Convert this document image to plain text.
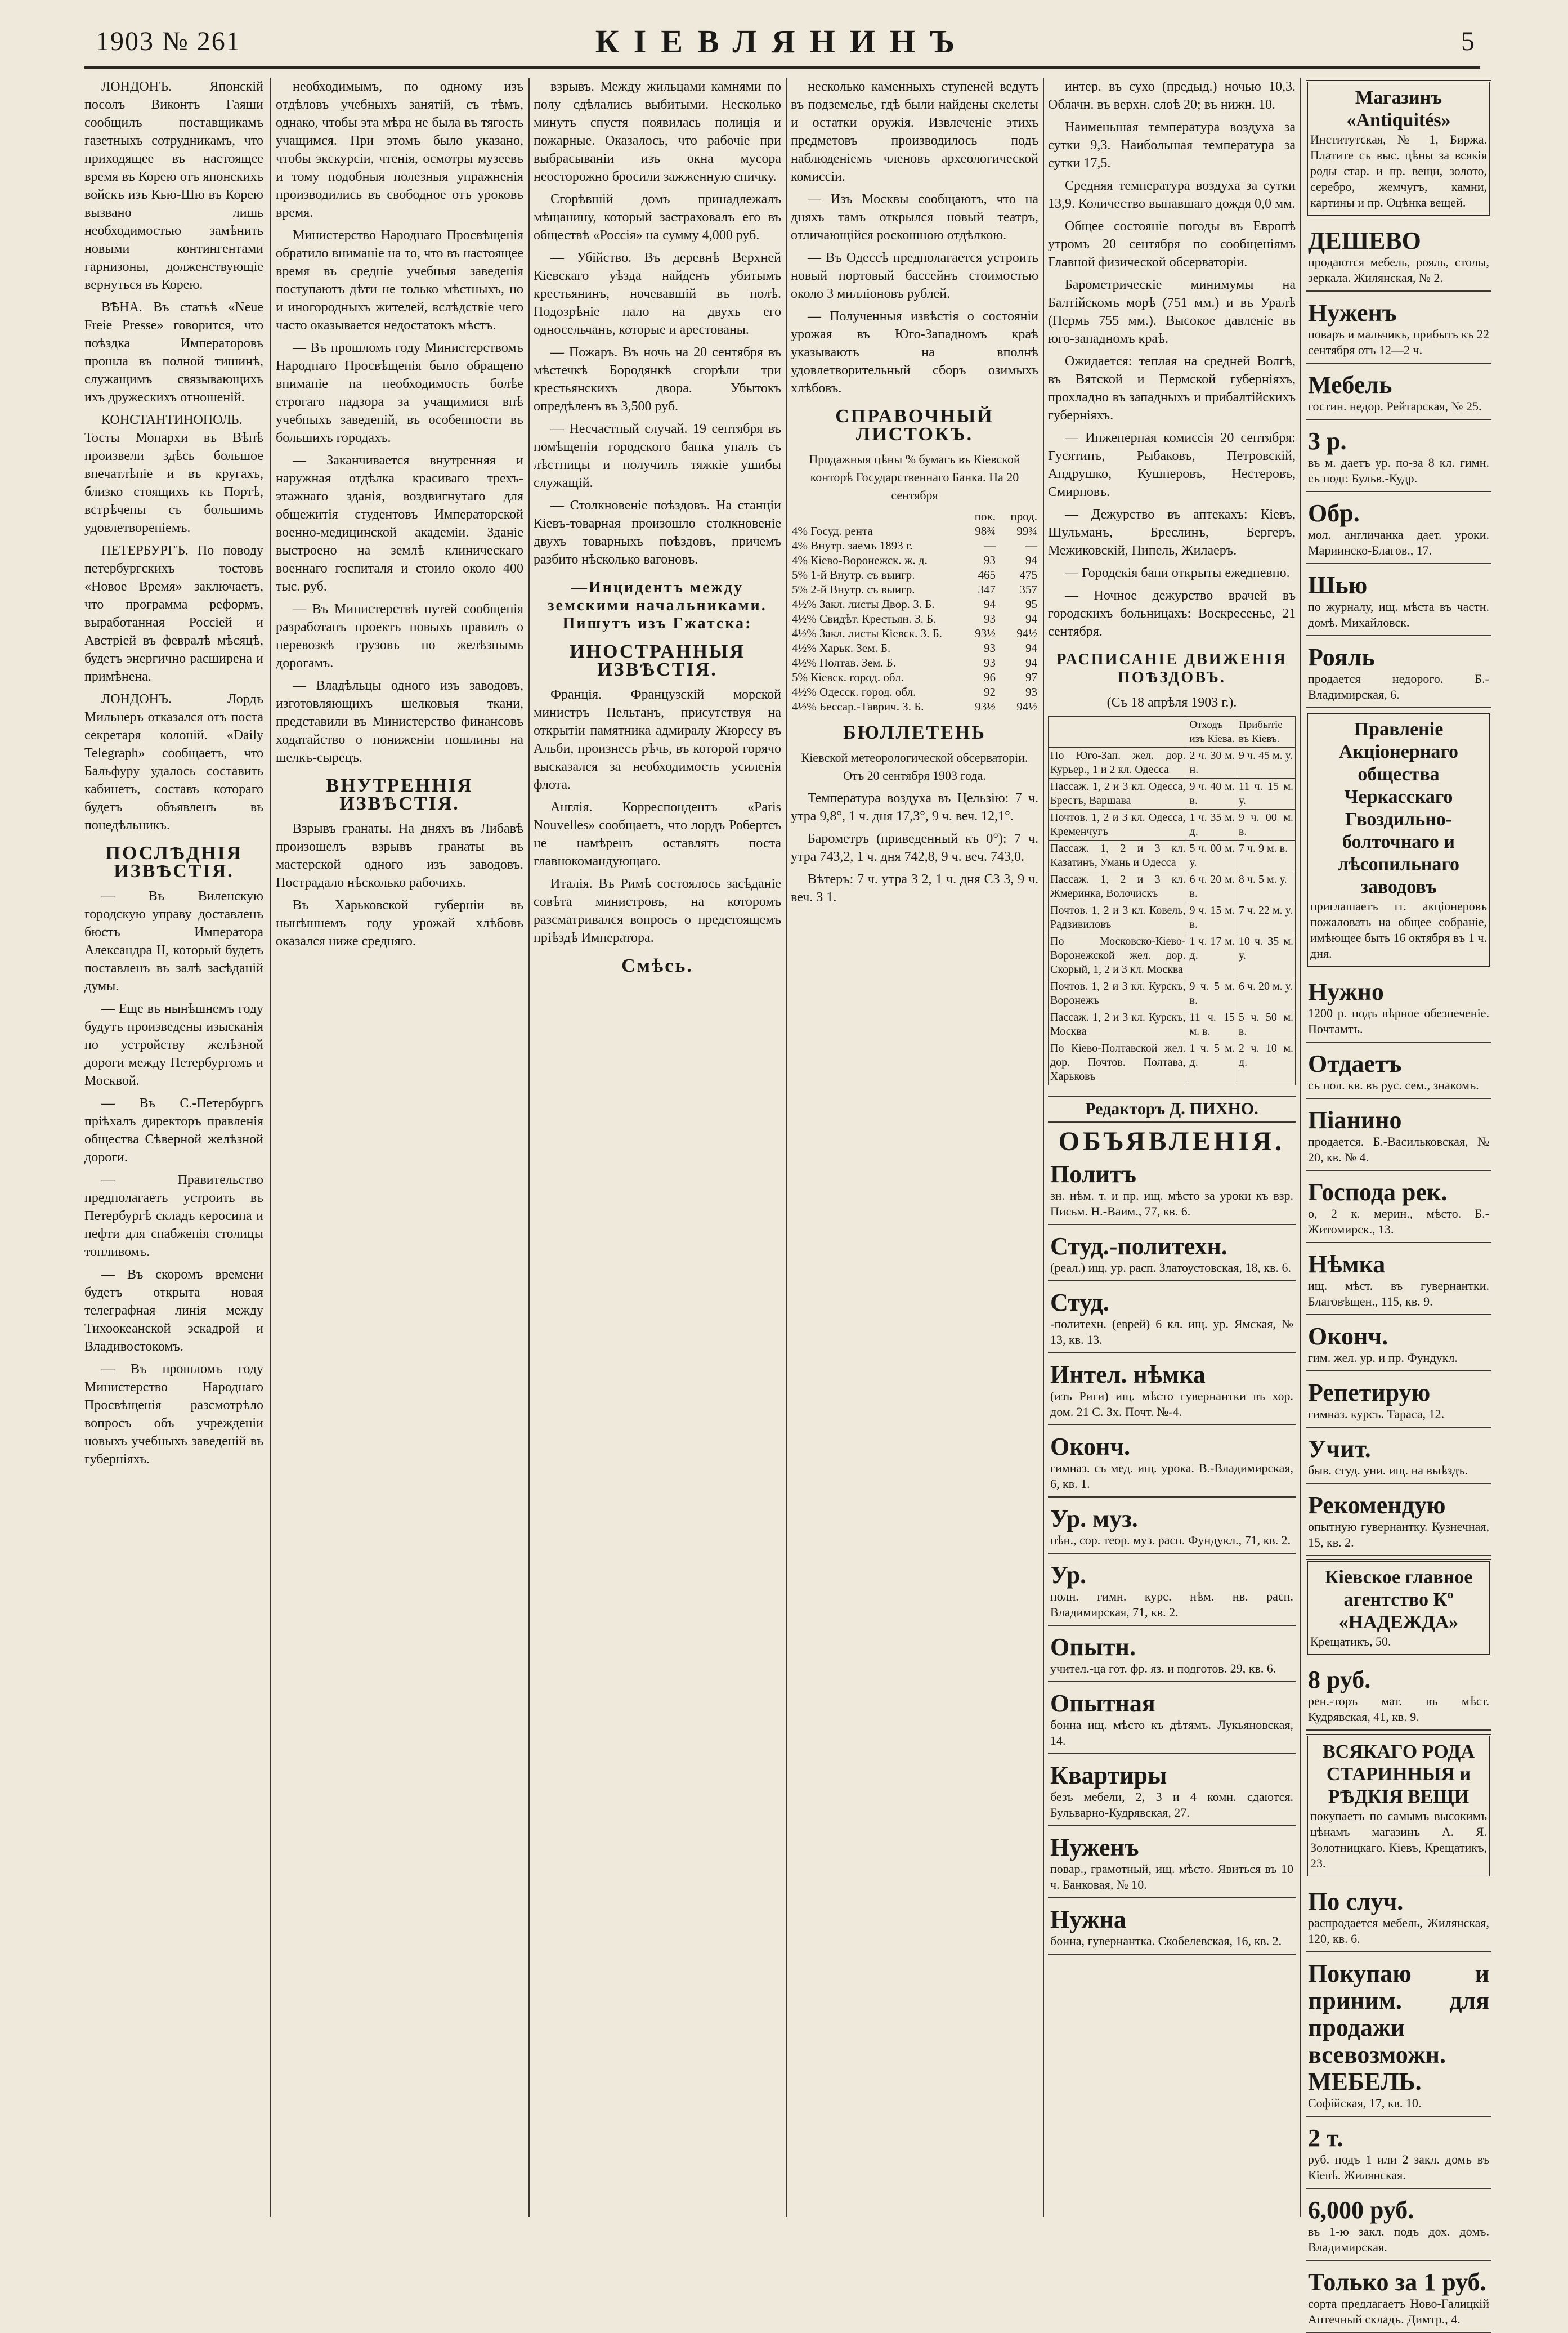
1903 № 261	КІЕВЛЯНИНЪ	5

ЛОНДОНЪ. Японскій посолъ Виконтъ Гаяши сообщилъ поставщикамъ газетныхъ сотрудникамъ, что приходящее въ настоящее время въ Корею отъ японскихъ войскъ изъ Кью-Шю въ Корею вызвано лишь необходимостью замѣнить новыми контингентами гарнизоны, долженствующіе вернуться въ Корею.

ВѢНА. Въ статьѣ «Neue Freie Presse» говорится, что поѣздка Императоровъ прошла въ полной тишинѣ, служащимъ связывающихъ ихъ дружескихъ отношеній.

КОНСТАНТИНОПОЛЬ. Тосты Монархи въ Вѣнѣ произвели здѣсь большое впечатлѣніе и въ кругахъ, близко стоящихъ къ Портѣ, встрѣчены съ большимъ удовлетвореніемъ.

ПЕТЕРБУРГЪ. По поводу петербургскихъ тостовъ «Новое Время» заключаетъ, что программа реформъ, выработанная Россіей и Австріей въ февралѣ мѣсяцѣ, будетъ энергично расширена и примѣнена.

ЛОНДОНЪ. Лордъ Мильнеръ отказался отъ поста секретаря колоній. «Daily Telegraph» сообщаетъ, что Бальфуру удалось составить кабинетъ, составъ котораго будетъ объявленъ въ понедѣльникъ.

ПОСЛѢДНІЯ ИЗВѢСТІЯ.

— Въ Виленскую городскую управу доставленъ бюстъ Императора Александра II, который будетъ поставленъ въ залѣ засѣданій думы.

— Еще въ нынѣшнемъ году будутъ произведены изысканія по устройству желѣзной дороги между Петербургомъ и Москвой.

— Въ С.-Петербургъ пріѣхалъ директоръ правленія общества Сѣверной желѣзной дороги.

— Правительство предполагаетъ устроить въ Петербургѣ складъ керосина и нефти для снабженія столицы топливомъ.

— Въ скоромъ времени будетъ открыта новая телеграфная линія между Тихоокеанской эскадрой и Владивостокомъ.

— Въ прошломъ году Министерство Народнаго Просвѣщенія разсмотрѣло вопросъ объ учрежденіи новыхъ учебныхъ заведеній въ губерніяхъ.

необходимымъ, по одному изъ отдѣловъ учебныхъ занятій, съ тѣмъ, однако, чтобы эта мѣра не была въ тягость учащимся. При этомъ было указано, чтобы экскурсіи, чтенія, осмотры музеевъ и тому подобныя полезныя упражненія производились въ свободное отъ уроковъ время.

Министерство Народнаго Просвѣщенія обратило вниманіе на то, что въ настоящее время въ средніе учебныя заведенія поступаютъ дѣти не только мѣстныхъ, но и иногородныхъ жителей, вслѣдствіе чего часто оказывается недостатокъ мѣстъ.

— Въ прошломъ году Министерствомъ Народнаго Просвѣщенія было обращено вниманіе на необходимость болѣе строгаго надзора за учащимися внѣ учебныхъ заведеній, въ особенности въ большихъ городахъ.

— Заканчивается внутренняя и наружная отдѣлка красиваго трехъ-этажнаго зданія, воздвигнутаго для общежитія студентовъ Императорской военно-медицинской академіи. Зданіе выстроено на землѣ клиническаго военнаго госпиталя и стоило около 400 тыс. руб.

— Въ Министерствѣ путей сообщенія разработанъ проектъ новыхъ правилъ о перевозкѣ грузовъ по желѣзнымъ дорогамъ.

— Владѣльцы одного изъ заводовъ, изготовляющихъ шелковыя ткани, представили въ Министерство финансовъ ходатайство о пониженіи пошлины на шелкъ-сырецъ.

ВНУТРЕННІЯ ИЗВѢСТІЯ.

Взрывъ гранаты. На дняхъ въ Либавѣ произошелъ взрывъ гранаты въ мастерской одного изъ заводовъ. Пострадало нѣсколько рабочихъ.

Въ Харьковской губерніи въ нынѣшнемъ году урожай хлѣбовъ оказался ниже средняго.

взрывъ. Между жильцами камнями по полу сдѣлались выбитыми. Несколько минутъ спустя появилась полиція и пожарные. Оказалось, что рабочіе при выбрасываніи изъ окна мусора неосторожно бросили зажженную спичку.

Сгорѣвшій домъ принадлежалъ мѣщанину, который застраховалъ его въ обществѣ «Россія» на сумму 4,000 руб.

— Убійство. Въ деревнѣ Верхней Кіевскаго уѣзда найденъ убитымъ крестьянинъ, ночевавшій въ полѣ. Подозрѣніе пало на двухъ его односельчанъ, которые и арестованы.

— Пожаръ. Въ ночь на 20 сентября въ мѣстечкѣ Бородянкѣ сгорѣли три крестьянскихъ двора. Убытокъ опредѣленъ въ 3,500 руб.

— Несчастный случай. 19 сентября въ помѣщеніи городского банка упалъ съ лѣстницы и получилъ тяжкіе ушибы служащій.

— Столкновеніе поѣздовъ. На станціи Кіевъ-товарная произошло столкновеніе двухъ товарныхъ поѣздовъ, причемъ разбито нѣсколько вагоновъ.

—Инцидентъ между земскими начальниками. Пишутъ изъ Гжатска:
ИНОСТРАННЫЯ ИЗВѢСТІЯ.

Франція. Французскій морской министръ Пельтанъ, присутствуя на открытіи памятника адмиралу Жюресу въ Альби, произнесъ рѣчь, въ которой горячо высказался за необходимость усиленія флота.

Англія. Корреспондентъ «Paris Nouvelles» сообщаетъ, что лордъ Робертсъ не намѣренъ оставлять поста главнокомандующаго.

Италія. Въ Римѣ состоялось засѣданіе совѣта министровъ, на которомъ разсматривался вопросъ о предстоящемъ пріѣздѣ Императора.

Смѣсь.

несколько каменныхъ ступеней ведутъ въ подземелье, гдѣ были найдены скелеты и остатки оружія. Извлеченіе этихъ предметовъ производилось подъ наблюденіемъ членовъ археологической комиссіи.

— Изъ Москвы сообщаютъ, что на дняхъ тамъ открылся новый театръ, отличающійся роскошною отдѣлкою.

— Въ Одессѣ предполагается устроить новый портовый бассейнъ стоимостью около 3 милліоновъ рублей.

— Полученныя извѣстія о состояніи урожая въ Юго-Западномъ краѣ указываютъ на вполнѣ удовлетворительный сборъ озимыхъ хлѣбовъ.

СПРАВОЧНЫЙ ЛИСТОКЪ.

Продажныя цѣны % бумагъ въ Кіевской конторѣ Государственнаго Банка. На 20 сентября

	пок.	прод.
4% Госуд. рента	98¾	99¾
4% Внутр. заемъ 1893 г.	—	—
4% Кіево-Воронежск. ж. д.	93	94
5% 1-й Внутр. съ выигр.	465	475
5% 2-й Внутр. съ выигр.	347	357
4½% Закл. листы Двор. З. Б.	94	95
4½% Свидѣт. Крестьян. З. Б.	93	94
4½% Закл. листы Кіевск. З. Б.	93½	94½
4½% Харьк. Зем. Б.	93	94
4½% Полтав. Зем. Б.	93	94
5% Кіевск. город. обл.	96	97
4½% Одесск. город. обл.	92	93
4½% Бессар.-Таврич. З. Б.	93½	94½
БЮЛЛЕТЕНЬ

Кіевской метеорологической обсерваторіи. Отъ 20 сентября 1903 года.

Температура воздуха въ Цельзію: 7 ч. утра 9,8°, 1 ч. дня 17,3°, 9 ч. веч. 12,1°.

Барометръ (приведенный къ 0°): 7 ч. утра 743,2, 1 ч. дня 742,8, 9 ч. веч. 743,0.

Вѣтеръ: 7 ч. утра З 2, 1 ч. дня СЗ 3, 9 ч. веч. З 1.

интер. въ сухо (предыд.) ночью 10,3. Облачн. въ верхн. слоѣ 20; въ нижн. 10.

Наименьшая температура воздуха за сутки 9,3. Наибольшая температура за сутки 17,5.

Средняя температура воздуха за сутки 13,9. Количество выпавшаго дождя 0,0 мм.

Общее состояніе погоды въ Европѣ утромъ 20 сентября по сообщеніямъ Главной физической обсерваторіи.

Барометрическіе минимумы на Балтійскомъ морѣ (751 мм.) и въ Уралѣ (Пермь 755 мм.). Высокое давленіе въ юго-западномъ краѣ.

Ожидается: теплая на средней Волгѣ, въ Вятской и Пермской губерніяхъ, прохладно въ западныхъ и прибалтійскихъ губерніяхъ.

— Инженерная комиссія 20 сентября: Гусятинъ, Рыбаковъ, Петровскій, Андрушко, Кушнеровъ, Нестеровъ, Смирновъ.

— Дежурство въ аптекахъ: Кіевъ, Шульманъ, Бреслинъ, Бергеръ, Межиковскій, Пипель, Жилаеръ.

— Городскія бани открыты ежедневно.

— Ночное дежурство врачей въ городскихъ больницахъ: Воскресенье, 21 сентября.

РАСПИСАНІЕ ДВИЖЕНІЯ ПОѢЗДОВЪ.

(Съ 18 апрѣля 1903 г.).

	Отходъ изъ Кіева.	Прибытіе въ Кіевъ.
По Юго-Зап. жел. дор. Курьер., 1 и 2 кл. Одесса	2 ч. 30 м. н.	9 ч. 45 м. у.
Пассаж. 1, 2 и 3 кл. Одесса, Брестъ, Варшава	9 ч. 40 м. в.	11 ч. 15 м. у.
Почтов. 1, 2 и 3 кл. Одесса, Кременчугъ	1 ч. 35 м. д.	9 ч. 00 м. в.
Пассаж. 1, 2 и 3 кл. Казатинъ, Умань и Одесса	5 ч. 00 м. у.	7 ч. 9 м. в.
Пассаж. 1, 2 и 3 кл. Жмеринка, Волочискъ	6 ч. 20 м. в.	8 ч. 5 м. у.
Почтов. 1, 2 и 3 кл. Ковель, Радзивиловъ	9 ч. 15 м. в.	7 ч. 22 м. у.
По Московско-Кіево-Воронежской жел. дор. Скорый, 1, 2 и 3 кл. Москва	1 ч. 17 м. д.	10 ч. 35 м. у.
Почтов. 1, 2 и 3 кл. Курскъ, Воронежъ	9 ч. 5 м. в.	6 ч. 20 м. у.
Пассаж. 1, 2 и 3 кл. Курскъ, Москва	11 ч. 15 м. в.	5 ч. 50 м. в.
По Кіево-Полтавской жел. дор. Почтов. Полтава, Харьковъ	1 ч. 5 м. д.	2 ч. 10 м. д.
Редакторъ Д. ПИХНО.
ОБЪЯВЛЕНІЯ.
Политъ
зн. нѣм. т. и пр. ищ. мѣсто за уроки къ взр. Письм. Н.-Ваим., 77, кв. 6.
Студ.-политехн.
(реал.) ищ. ур. расп. Златоустовская, 18, кв. 6.
Студ.
-политехн. (еврей) 6 кл. ищ. ур. Ямская, № 13, кв. 13.
Интел. нѣмка
(изъ Риги) ищ. мѣсто гувернантки въ хор. дом. 21 С. Зх. Почт. №-4.
Оконч.
гимназ. съ мед. ищ. урока. В.-Владимирская, 6, кв. 1.
Ур. муз.
пѣн., сор. теор. муз. расп. Фундукл., 71, кв. 2.
Ур.
полн. гимн. курс. нѣм. нв. расп. Владимирская, 71, кв. 2.
Опытн.
учител.-ца гот. фр. яз. и подготов. 29, кв. 6.
Опытная
бонна ищ. мѣсто къ дѣтямъ. Лукьяновская, 14.
Квартиры
безъ мебели, 2, 3 и 4 комн. сдаются. Бульварно-Кудрявская, 27.
Нуженъ
повар., грамотный, ищ. мѣсто. Явиться въ 10 ч. Банковая, № 10.
Нужна
бонна, гувернантка. Скобелевская, 16, кв. 2.
Магазинъ «Antiquités»
Институтская, № 1, Биржа. Платите съ выс. цѣны за всякія роды стар. и пр. вещи, золото, серебро, жемчугъ, камни, картины и пр. Оцѣнка вещей.
ДЕШЕВО
продаются мебель, рояль, столы, зеркала. Жилянская, № 2.
Нуженъ
поваръ и мальчикъ, прибыть къ 22 сентября отъ 12—2 ч.
Мебель
гостин. недор. Рейтарская, № 25.
3 р.
въ м. даетъ ур. по-за 8 кл. гимн. съ подг. Бульв.-Кудр.
Обр.
мол. англичанка дает. уроки. Мариинско-Благов., 17.
Шью
по журналу, ищ. мѣста въ частн. домѣ. Михайловск.
Рояль
продается недорого. Б.-Владимирская, 6.
Правленіе Акціонернаго общества Черкасскаго Гвоздильно-болточнаго и лѣсопильнаго заводовъ
приглашаетъ гг. акціонеровъ пожаловать на общее собраніе, имѣющее быть 16 октября въ 1 ч. дня.
Нужно
1200 р. подъ вѣрное обезпеченіе. Почтамтъ.
Отдаетъ
съ пол. кв. въ рус. сем., знакомъ.
Піанино
продается. Б.-Васильковская, № 20, кв. № 4.
Господа рек.
о, 2 к. мерин., мѣсто. Б.-Житомирск., 13.
Нѣмка
ищ. мѣст. въ гувернантки. Благовѣщен., 115, кв. 9.
Оконч.
гим. жел. ур. и пр. Фундукл.
Репетирую
гимназ. курсъ. Тараса, 12.
Учит.
быв. студ. уни. ищ. на выѣздъ.
Рекомендую
опытную гувернантку. Кузнечная, 15, кв. 2.
Кіевское главное агентство Кº «НАДЕЖДА»
Крещатикъ, 50.
8 руб.
рен.-торъ мат. въ мѣст. Кудрявская, 41, кв. 9.
ВСЯКАГО РОДА СТАРИННЫЯ и РѢДКІЯ ВЕЩИ
покупаетъ по самымъ высокимъ цѣнамъ магазинъ А. Я. Золотницкаго. Кіевъ, Крещатикъ, 23.
По случ.
распродается мебель, Жилянская, 120, кв. 6.
Покупаю и приним. для продажи всевозможн. МЕБЕЛЬ.
Софійская, 17, кв. 10.
2 т.
руб. подъ 1 или 2 закл. домъ въ Кіевѣ. Жилянская.
6,000 руб.
въ 1-ю закл. подъ дох. домъ. Владимирская.
Только за 1 руб.
сорта предлагаетъ Ново-Галицкій Аптечный складъ. Димтр., 4.
